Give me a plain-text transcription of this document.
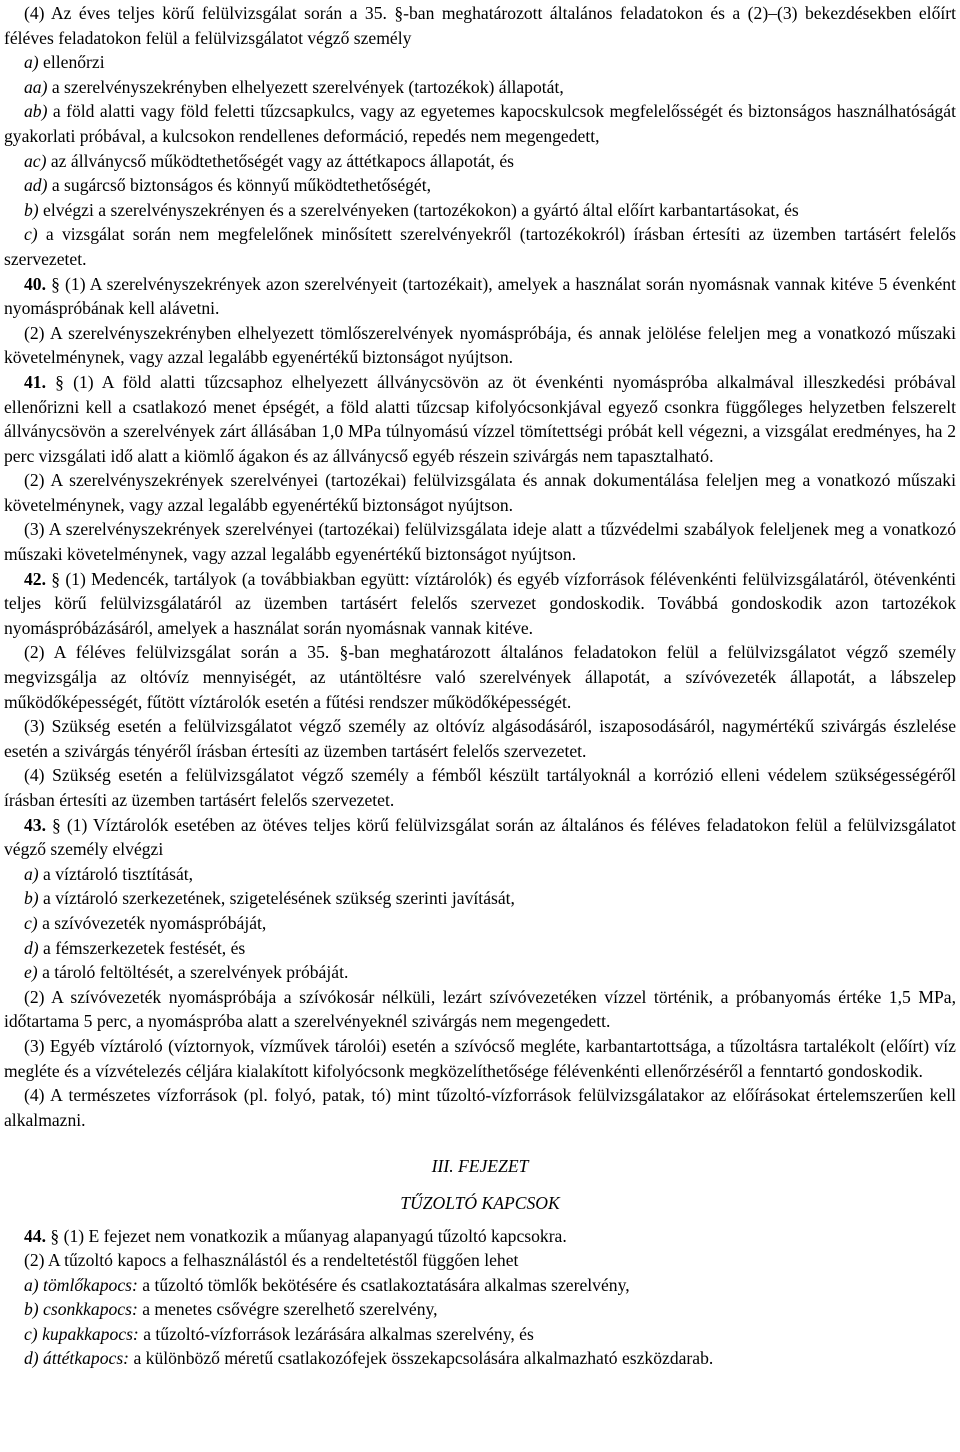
(4) Az éves teljes körű felülvizsgálat során a 35. §-ban meghatározott általános feladatokon és a (2)–(3) bekezdésekben előírt féléves feladatokon felül a felülvizsgálatot végző személy

a) ellenőrzi

aa) a szerelvényszekrényben elhelyezett szerelvények (tartozékok) állapotát,

ab) a föld alatti vagy föld feletti tűzcsapkulcs, vagy az egyetemes kapocskulcsok megfelelősségét és biztonságos használhatóságát gyakorlati próbával, a kulcsokon rendellenes deformáció, repedés nem megengedett,

ac) az állványcső működtethetőségét vagy az áttétkapocs állapotát, és

ad) a sugárcső biztonságos és könnyű működtethetőségét,

b) elvégzi a szerelvényszekrényen és a szerelvényeken (tartozékokon) a gyártó által előírt karbantartásokat, és

c) a vizsgálat során nem megfelelőnek minősített szerelvényekről (tartozékokról) írásban értesíti az üzemben tartásért felelős szervezetet.

40. § (1) A szerelvényszekrények azon szerelvényeit (tartozékait), amelyek a használat során nyomásnak vannak kitéve 5 évenként nyomáspróbának kell alávetni.

(2) A szerelvényszekrényben elhelyezett tömlőszerelvények nyomáspróbája, és annak jelölése feleljen meg a vonatkozó műszaki követelménynek, vagy azzal legalább egyenértékű biztonságot nyújtson.

41. § (1) A föld alatti tűzcsaphoz elhelyezett állványcsövön az öt évenkénti nyomáspróba alkalmával illeszkedési próbával ellenőrizni kell a csatlakozó menet épségét, a föld alatti tűzcsap kifolyócsonkjával egyező csonkra függőleges helyzetben felszerelt állványcsövön a szerelvények zárt állásában 1,0 MPa túlnyomású vízzel tömítettségi próbát kell végezni, a vizsgálat eredményes, ha 2 perc vizsgálati idő alatt a kiömlő ágakon és az állványcső egyéb részein szivárgás nem tapasztalható.

(2) A szerelvényszekrények szerelvényei (tartozékai) felülvizsgálata és annak dokumentálása feleljen meg a vonatkozó műszaki követelménynek, vagy azzal legalább egyenértékű biztonságot nyújtson.

(3) A szerelvényszekrények szerelvényei (tartozékai) felülvizsgálata ideje alatt a tűzvédelmi szabályok feleljenek meg a vonatkozó műszaki követelménynek, vagy azzal legalább egyenértékű biztonságot nyújtson.

42. § (1) Medencék, tartályok (a továbbiakban együtt: víztárolók) és egyéb vízforrások félévenkénti felülvizsgálatáról, ötévenkénti teljes körű felülvizsgálatáról az üzemben tartásért felelős szervezet gondoskodik. Továbbá gondoskodik azon tartozékok nyomáspróbázásáról, amelyek a használat során nyomásnak vannak kitéve.

(2) A féléves felülvizsgálat során a 35. §-ban meghatározott általános feladatokon felül a felülvizsgálatot végző személy megvizsgálja az oltóvíz mennyiségét, az utántöltésre való szerelvények állapotát, a szívóvezeték állapotát, a lábszelep működőképességét, fűtött víztárolók esetén a fűtési rendszer működőképességét.

(3) Szükség esetén a felülvizsgálatot végző személy az oltóvíz algásodásáról, iszaposodásáról, nagymértékű szivárgás észlelése esetén a szivárgás tényéről írásban értesíti az üzemben tartásért felelős szervezetet.

(4) Szükség esetén a felülvizsgálatot végző személy a fémből készült tartályoknál a korrózió elleni védelem szükségességéről írásban értesíti az üzemben tartásért felelős szervezetet.

43. § (1) Víztárolók esetében az ötéves teljes körű felülvizsgálat során az általános és féléves feladatokon felül a felülvizsgálatot végző személy elvégzi

a) a víztároló tisztítását,

b) a víztároló szerkezetének, szigetelésének szükség szerinti javítását,

c) a szívóvezeték nyomáspróbáját,

d) a fémszerkezetek festését, és

e) a tároló feltöltését, a szerelvények próbáját.

(2) A szívóvezeték nyomáspróbája a szívókosár nélküli, lezárt szívóvezetéken vízzel történik, a próbanyomás értéke 1,5 MPa, időtartama 5 perc, a nyomáspróba alatt a szerelvényeknél szivárgás nem megengedett.

(3) Egyéb víztároló (víztornyok, vízművek tárolói) esetén a szívócső megléte, karbantartottsága, a tűzoltásra tartalékolt (előírt) víz megléte és a vízvételezés céljára kialakított kifolyócsonk megközelíthetősége félévenkénti ellenőrzéséről a fenntartó gondoskodik.

(4) A természetes vízforrások (pl. folyó, patak, tó) mint tűzoltó-vízforrások felülvizsgálatakor az előírásokat értelemszerűen kell alkalmazni.

III. FEJEZET

TŰZOLTÓ KAPCSOK

44. § (1) E fejezet nem vonatkozik a műanyag alapanyagú tűzoltó kapcsokra.

(2) A tűzoltó kapocs a felhasználástól és a rendeltetéstől függően lehet

a) tömlőkapocs: a tűzoltó tömlők bekötésére és csatlakoztatására alkalmas szerelvény,

b) csonkkapocs: a menetes csővégre szerelhető szerelvény,

c) kupakkapocs: a tűzoltó-vízforrások lezárására alkalmas szerelvény, és

d) áttétkapocs: a különböző méretű csatlakozófejek összekapcsolására alkalmazható eszközdarab.
